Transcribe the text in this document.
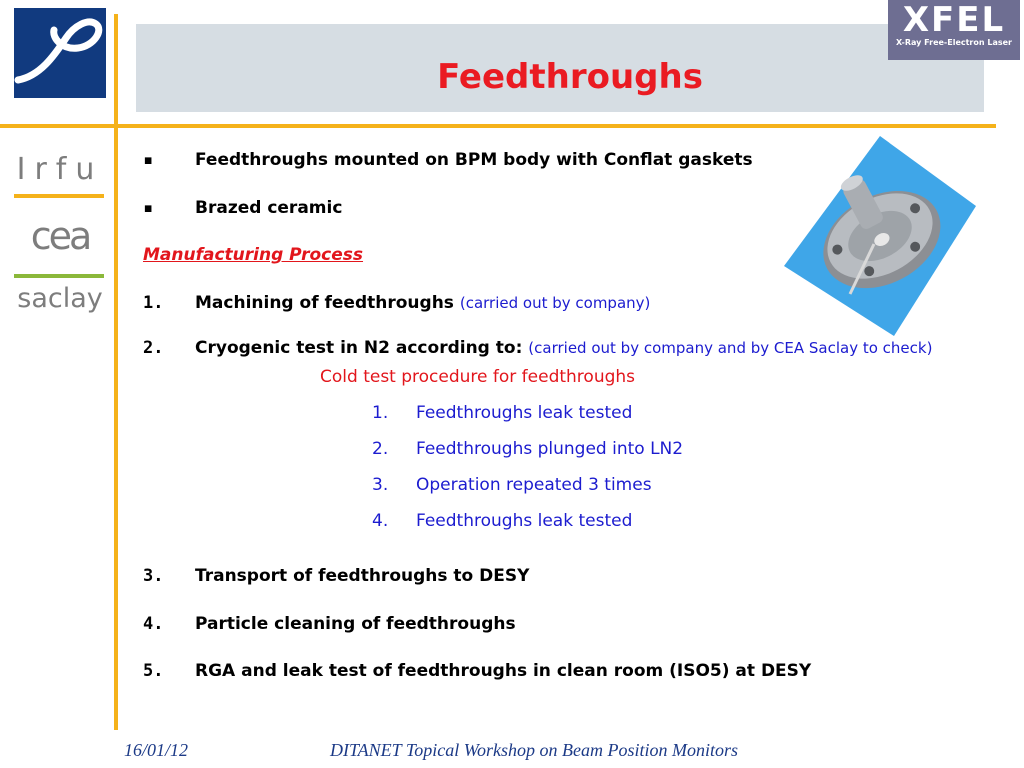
Feedthroughs
XFEL
X-Ray Free-Electron Laser
Irfu
cea
saclay
▪ Feedthroughs mounted on BPM body with Conflat gaskets
▪ Brazed ceramic
Manufacturing Process
1. Machining of feedthroughs (carried out by company)
2. Cryogenic test in N2 according to: (carried out by company and by CEA Saclay to check)
Cold test procedure for feedthroughs
1. Feedthroughs leak tested
2. Feedthroughs plunged into LN2
3. Operation repeated 3 times
4. Feedthroughs leak tested
3. Transport of feedthroughs to DESY
4. Particle cleaning of feedthroughs
5. RGA and leak test of feedthroughs in clean room (ISO5) at DESY
16/01/12	DITANET Topical Workshop on Beam Position Monitors
